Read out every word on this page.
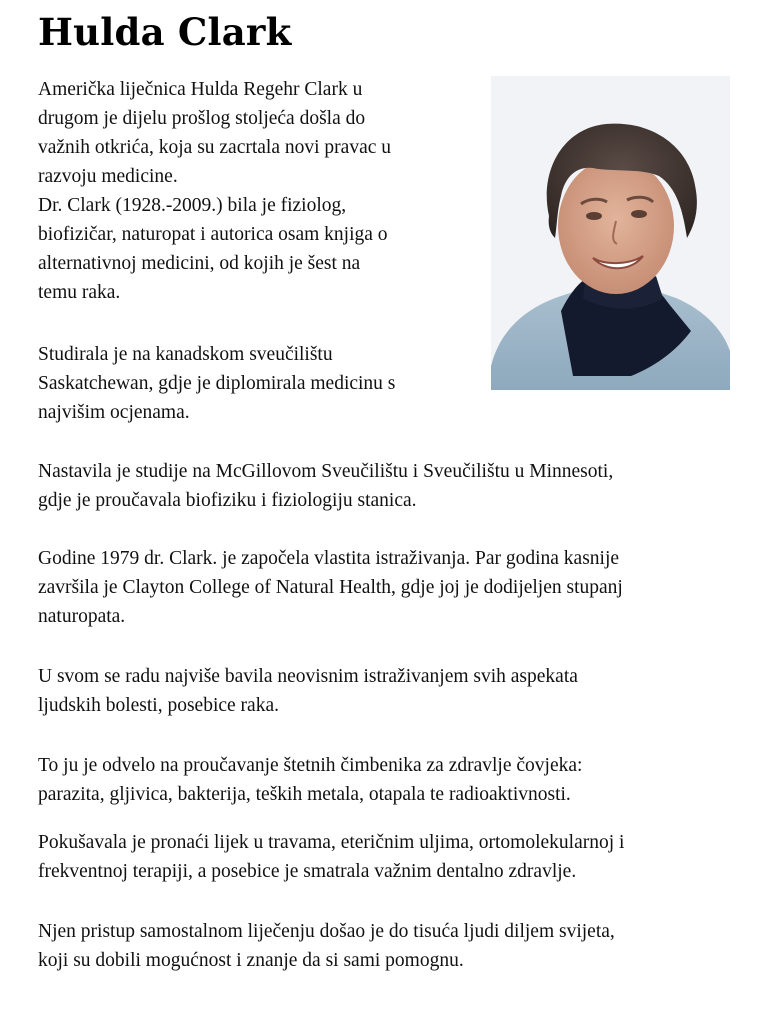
Hulda Clark
Američka liječnica Hulda Regehr Clark u
drugom je dijelu prošlog stoljeća došla do
važnih otkrića, koja su zacrtala novi pravac u
razvoju medicine.
Dr. Clark (1928.-2009.) bila je fiziolog,
biofizičar, naturopat i autorica osam knjiga o
alternativnoj medicini, od kojih je šest na
temu raka.
Studirala je na kanadskom sveučilištu
Saskatchewan, gdje je diplomirala medicinu s
najvišim ocjenama.
Nastavila je studije na McGillovom Sveučilištu i Sveučilištu u Minnesoti,
gdje je proučavala biofiziku i fiziologiju stanica.
Godine 1979 dr. Clark. je započela vlastita istraživanja. Par godina kasnije
završila je Clayton College of Natural Health, gdje joj je dodijeljen stupanj
naturopata.
U svom se radu najviše bavila neovisnim istraživanjem svih aspekata
ljudskih bolesti, posebice raka.
To ju je odvelo na proučavanje štetnih čimbenika za zdravlje čovjeka:
parazita, gljivica, bakterija, teških metala, otapala te radioaktivnosti.
Pokušavala je pronaći lijek u travama, eteričnim uljima, ortomolekularnoj i
frekventnoj terapiji, a posebice je smatrala važnim dentalno zdravlje.
Njen pristup samostalnom liječenju došao je do tisuća ljudi diljem svijeta,
koji su dobili mogućnost i znanje da si sami pomognu.
